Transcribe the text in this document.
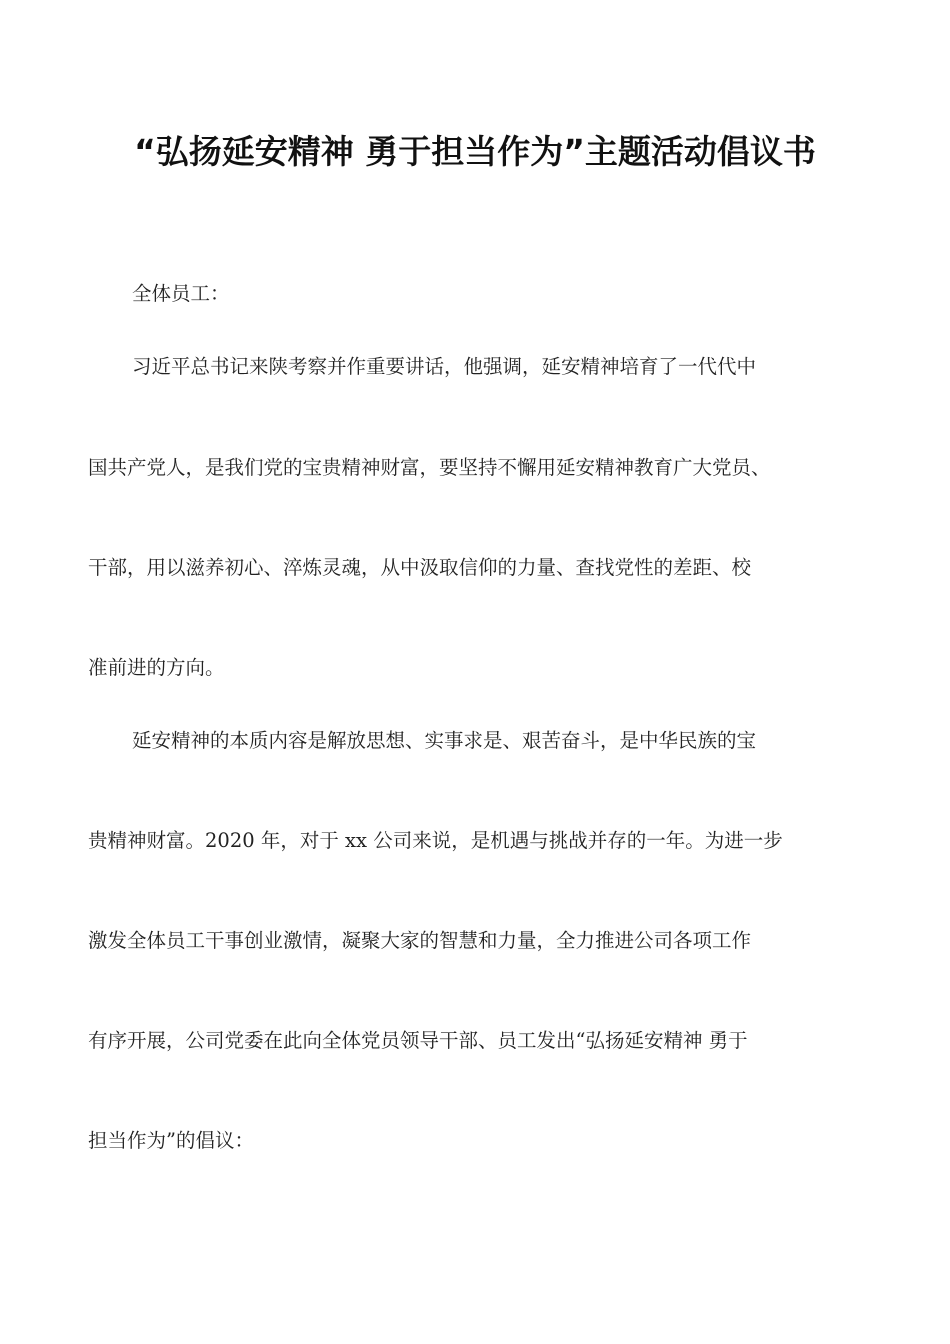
“弘扬延安精神 勇于担当作为”主题活动倡议书
全体员工：
习近平总书记来陕考察并作重要讲话，他强调，延安精神培育了一代代中
国共产党人，是我们党的宝贵精神财富，要坚持不懈用延安精神教育广大党员、
干部，用以滋养初心、淬炼灵魂，从中汲取信仰的力量、查找党性的差距、校
准前进的方向。
延安精神的本质内容是解放思想、实事求是、艰苦奋斗，是中华民族的宝
贵精神财富。2020 年，对于 xx 公司来说，是机遇与挑战并存的一年。为进一步
激发全体员工干事创业激情，凝聚大家的智慧和力量，全力推进公司各项工作
有序开展，公司党委在此向全体党员领导干部、员工发出“弘扬延安精神 勇于
担当作为”的倡议：
